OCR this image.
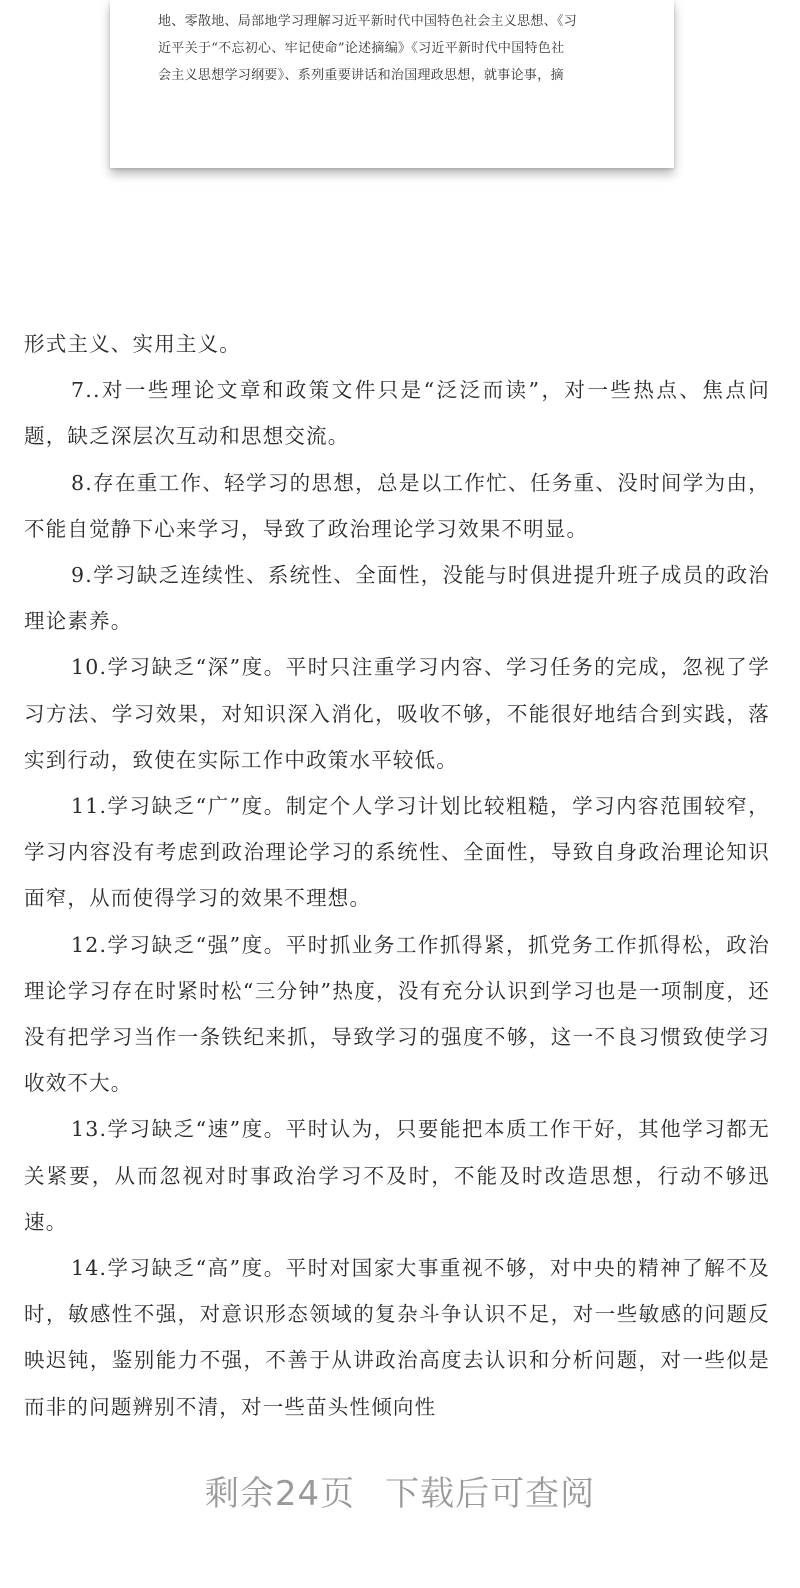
地、零散地、局部地学习理解习近平新时代中国特色社会主义思想、《习
近平关于“不忘初心、牢记使命”论述摘编》《习近平新时代中国特色社
会主义思想学习纲要》、系列重要讲话和治国理政思想，就事论事，摘

形式主义、实用主义。

7..对一些理论文章和政策文件只是“泛泛而读”，对一些热点、焦点问题，缺乏深层次互动和思想交流。

8.存在重工作、轻学习的思想，总是以工作忙、任务重、没时间学为由，不能自觉静下心来学习，导致了政治理论学习效果不明显。

9.学习缺乏连续性、系统性、全面性，没能与时俱进提升班子成员的政治理论素养。

10.学习缺乏“深”度。平时只注重学习内容、学习任务的完成，忽视了学习方法、学习效果，对知识深入消化，吸收不够，不能很好地结合到实践，落实到行动，致使在实际工作中政策水平较低。

11.学习缺乏“广”度。制定个人学习计划比较粗糙，学习内容范围较窄，学习内容没有考虑到政治理论学习的系统性、全面性，导致自身政治理论知识面窄，从而使得学习的效果不理想。

12.学习缺乏“强”度。平时抓业务工作抓得紧，抓党务工作抓得松，政治理论学习存在时紧时松“三分钟”热度，没有充分认识到学习也是一项制度，还没有把学习当作一条铁纪来抓，导致学习的强度不够，这一不良习惯致使学习收效不大。

13.学习缺乏“速”度。平时认为，只要能把本质工作干好，其他学习都无关紧要，从而忽视对时事政治学习不及时，不能及时改造思想，行动不够迅速。

14.学习缺乏“高”度。平时对国家大事重视不够，对中央的精神了解不及时，敏感性不强，对意识形态领域的复杂斗争认识不足，对一些敏感的问题反映迟钝，鉴别能力不强，不善于从讲政治高度去认识和分析问题，对一些似是而非的问题辨别不清，对一些苗头性倾向性

剩余24页 下载后可查阅
